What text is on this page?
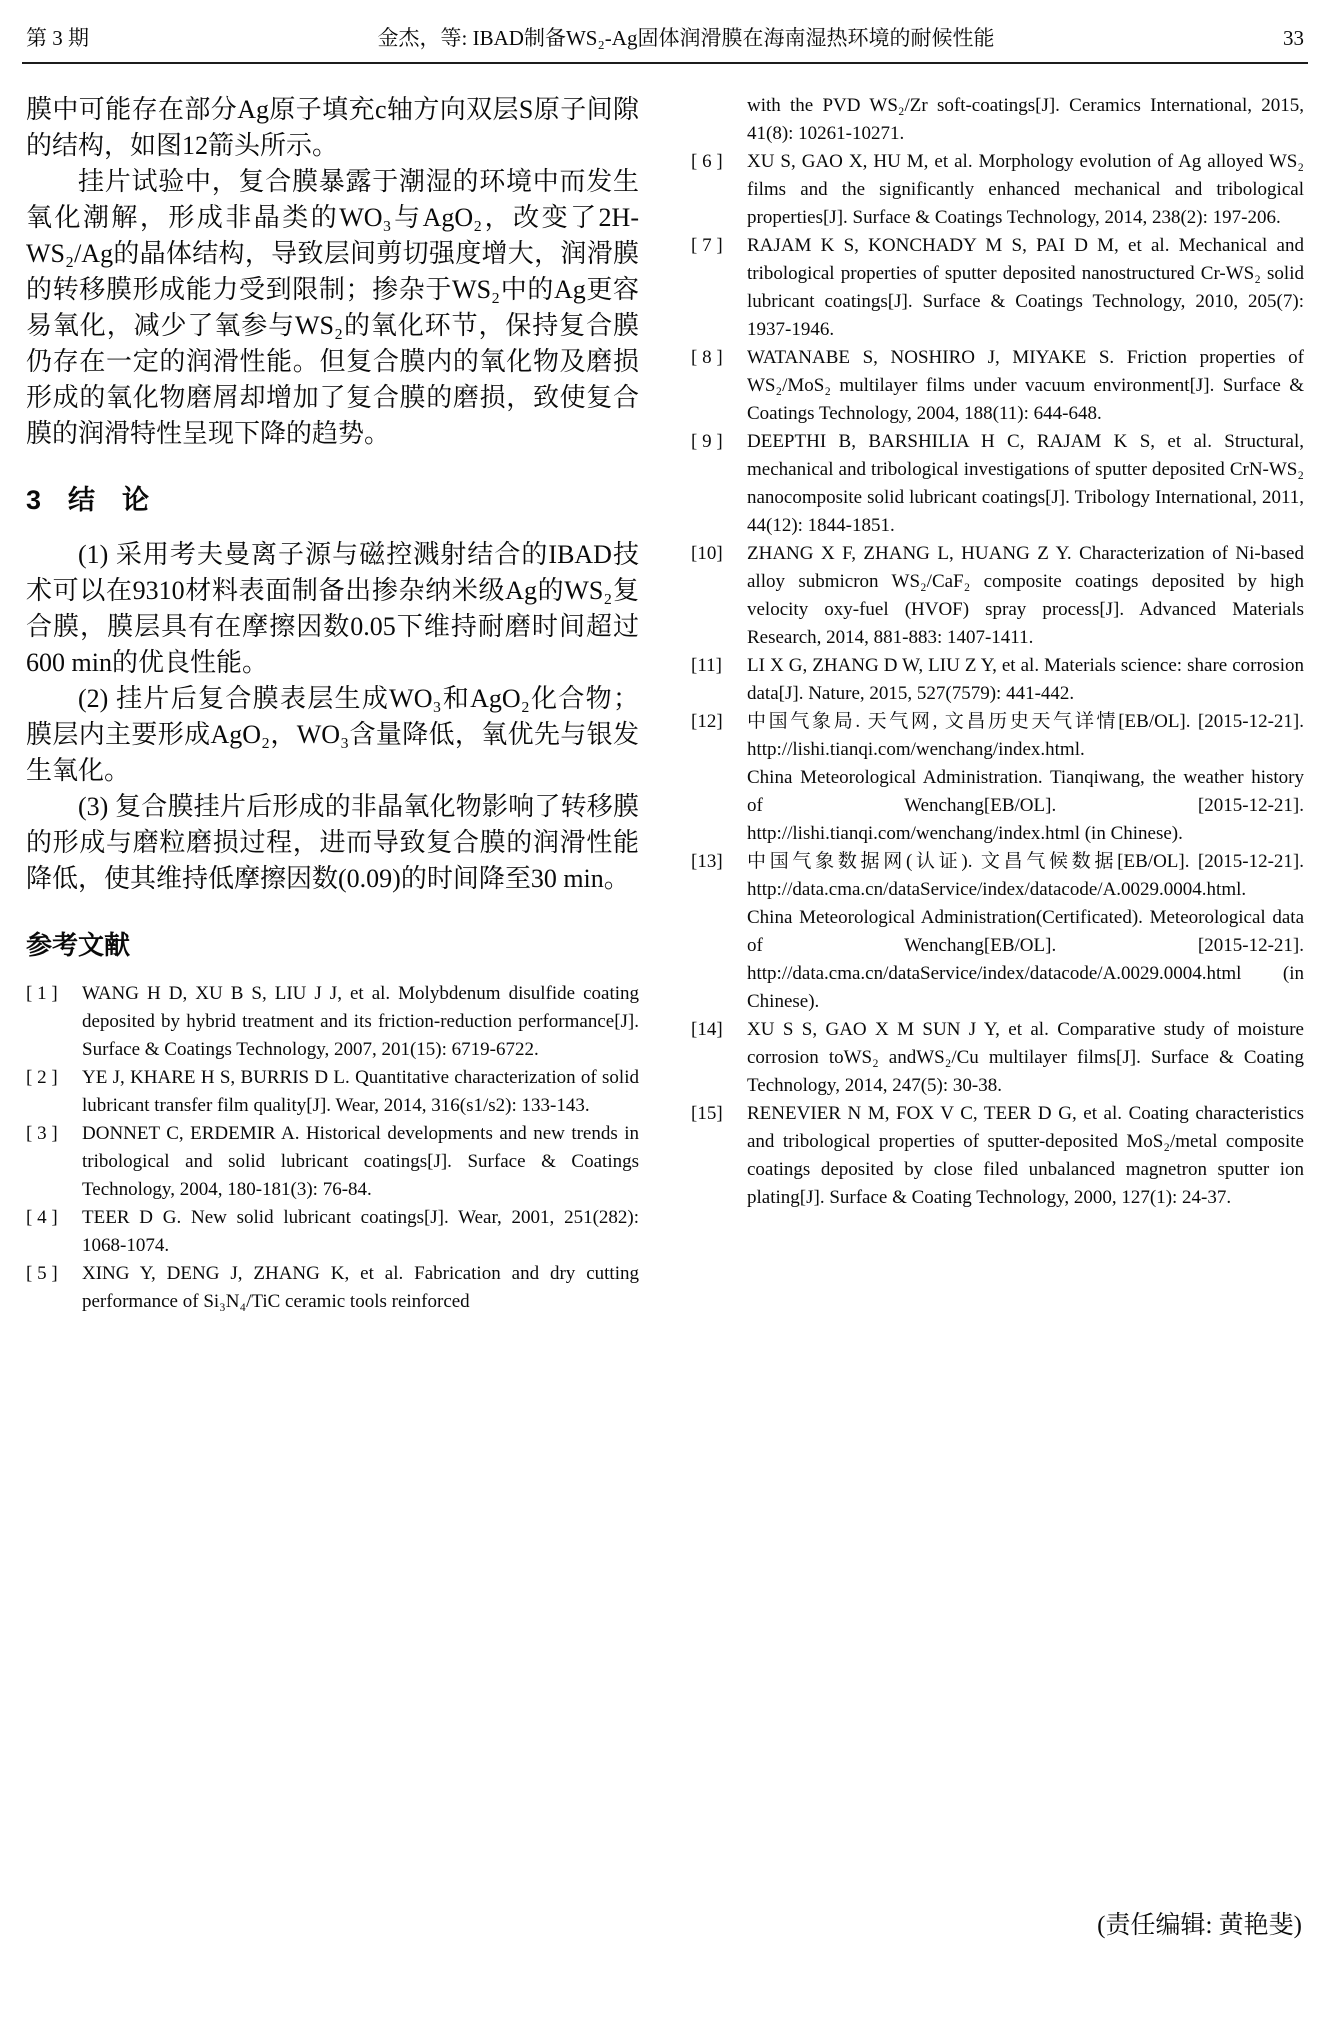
第 3 期	金杰，等: IBAD制备WS₂-Ag固体润滑膜在海南湿热环境的耐候性能	33

膜中可能存在部分Ag原子填充c轴方向双层S原子间隙的结构，如图12箭头所示。

挂片试验中，复合膜暴露于潮湿的环境中而发生氧化潮解，形成非晶类的WO₃与AgO₂，改变了2H-WS₂/Ag的晶体结构，导致层间剪切强度增大，润滑膜的转移膜形成能力受到限制；掺杂于WS₂中的Ag更容易氧化，减少了氧参与WS₂的氧化环节，保持复合膜仍存在一定的润滑性能。但复合膜内的氧化物及磨损形成的氧化物磨屑却增加了复合膜的磨损，致使复合膜的润滑特性呈现下降的趋势。

3　结　论

(1) 采用考夫曼离子源与磁控溅射结合的IBAD技术可以在9310材料表面制备出掺杂纳米级Ag的WS₂复合膜，膜层具有在摩擦因数0.05下维持耐磨时间超过600 min的优良性能。

(2) 挂片后复合膜表层生成WO₃和AgO₂化合物；膜层内主要形成AgO₂，WO₃含量降低，氧优先与银发生氧化。

(3) 复合膜挂片后形成的非晶氧化物影响了转移膜的形成与磨粒磨损过程，进而导致复合膜的润滑性能降低，使其维持低摩擦因数(0.09)的时间降至30 min。

参考文献
[ 1 ]	WANG H D, XU B S, LIU J J, et al. Molybdenum disulfide coating deposited by hybrid treatment and its friction-reduction performance[J]. Surface & Coatings Technology, 2007, 201(15): 6719-6722.
[ 2 ]	YE J, KHARE H S, BURRIS D L. Quantitative characterization of solid lubricant transfer film quality[J]. Wear, 2014, 316(s1/s2): 133-143.
[ 3 ]	DONNET C, ERDEMIR A. Historical developments and new trends in tribological and solid lubricant coatings[J]. Surface & Coatings Technology, 2004, 180-181(3): 76-84.
[ 4 ]	TEER D G. New solid lubricant coatings[J]. Wear, 2001, 251(282): 1068-1074.
[ 5 ]	XING Y, DENG J, ZHANG K, et al. Fabrication and dry cutting performance of Si₃N₄/TiC ceramic tools reinforced
with the PVD WS₂/Zr soft-coatings[J]. Ceramics International, 2015, 41(8): 10261-10271.
[ 6 ]	XU S, GAO X, HU M, et al. Morphology evolution of Ag alloyed WS₂ films and the significantly enhanced mechanical and tribological properties[J]. Surface & Coatings Technology, 2014, 238(2): 197-206.
[ 7 ]	RAJAM K S, KONCHADY M S, PAI D M, et al. Mechanical and tribological properties of sputter deposited nanostructured Cr-WS₂ solid lubricant coatings[J]. Surface & Coatings Technology, 2010, 205(7): 1937-1946.
[ 8 ]	WATANABE S, NOSHIRO J, MIYAKE S. Friction properties of WS₂/MoS₂ multilayer films under vacuum environment[J]. Surface & Coatings Technology, 2004, 188(11): 644-648.
[ 9 ]	DEEPTHI B, BARSHILIA H C, RAJAM K S, et al. Structural, mechanical and tribological investigations of sputter deposited CrN-WS₂ nanocomposite solid lubricant coatings[J]. Tribology International, 2011, 44(12): 1844-1851.
[10]	ZHANG X F, ZHANG L, HUANG Z Y. Characterization of Ni-based alloy submicron WS₂/CaF₂ composite coatings deposited by high velocity oxy-fuel (HVOF) spray process[J]. Advanced Materials Research, 2014, 881-883: 1407-1411.
[11]	LI X G, ZHANG D W, LIU Z Y, et al. Materials science: share corrosion data[J]. Nature, 2015, 527(7579): 441-442.
[12]	中国气象局. 天气网, 文昌历史天气详情[EB/OL]. [2015-12-21]. http://lishi.tianqi.com/wenchang/index.html.
China Meteorological Administration. Tianqiwang, the weather history of Wenchang[EB/OL]. [2015-12-21]. http://lishi.tianqi.com/wenchang/index.html (in Chinese).
[13]	中国气象数据网(认证). 文昌气候数据[EB/OL]. [2015-12-21]. http://data.cma.cn/dataService/index/datacode/A.0029.0004.html.
China Meteorological Administration(Certificated). Meteorological data of Wenchang[EB/OL]. [2015-12-21]. http://data.cma.cn/dataService/index/datacode/A.0029.0004.html (in Chinese).
[14]	XU S S, GAO X M SUN J Y, et al. Comparative study of moisture corrosion toWS₂ andWS₂/Cu multilayer films[J]. Surface & Coating Technology, 2014, 247(5): 30-38.
[15]	RENEVIER N M, FOX V C, TEER D G, et al. Coating characteristics and tribological properties of sputter-deposited MoS₂/metal composite coatings deposited by close filed unbalanced magnetron sputter ion plating[J]. Surface & Coating Technology, 2000, 127(1): 24-37.
(责任编辑: 黄艳斐)
